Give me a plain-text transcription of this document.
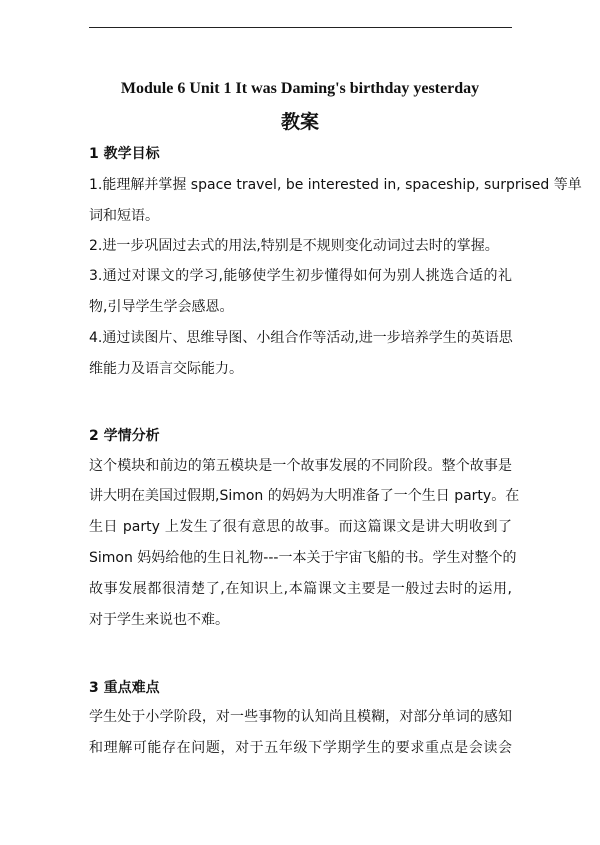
Module 6 Unit 1 It was Daming's birthday yesterday
教案
1 教学目标
1.能理解并掌握 space travel, be interested in, spaceship, surprised 等单
词和短语。
2.进一步巩固过去式的用法,特别是不规则变化动词过去时的掌握。
3.通过对课文的学习,能够使学生初步懂得如何为别人挑选合适的礼
物,引导学生学会感恩。
4.通过读图片、思维导图、小组合作等活动,进一步培养学生的英语思
维能力及语言交际能力。
2 学情分析
这个模块和前边的第五模块是一个故事发展的不同阶段。整个故事是
讲大明在美国过假期,Simon 的妈妈为大明准备了一个生日 party。在
生日 party 上发生了很有意思的故事。而这篇课文是讲大明收到了
Simon 妈妈给他的生日礼物---一本关于宇宙飞船的书。学生对整个的
故事发展都很清楚了,在知识上,本篇课文主要是一般过去时的运用,
对于学生来说也不难。
3 重点难点
学生处于小学阶段，对一些事物的认知尚且模糊，对部分单词的感知
和理解可能存在问题，对于五年级下学期学生的要求重点是会读会
